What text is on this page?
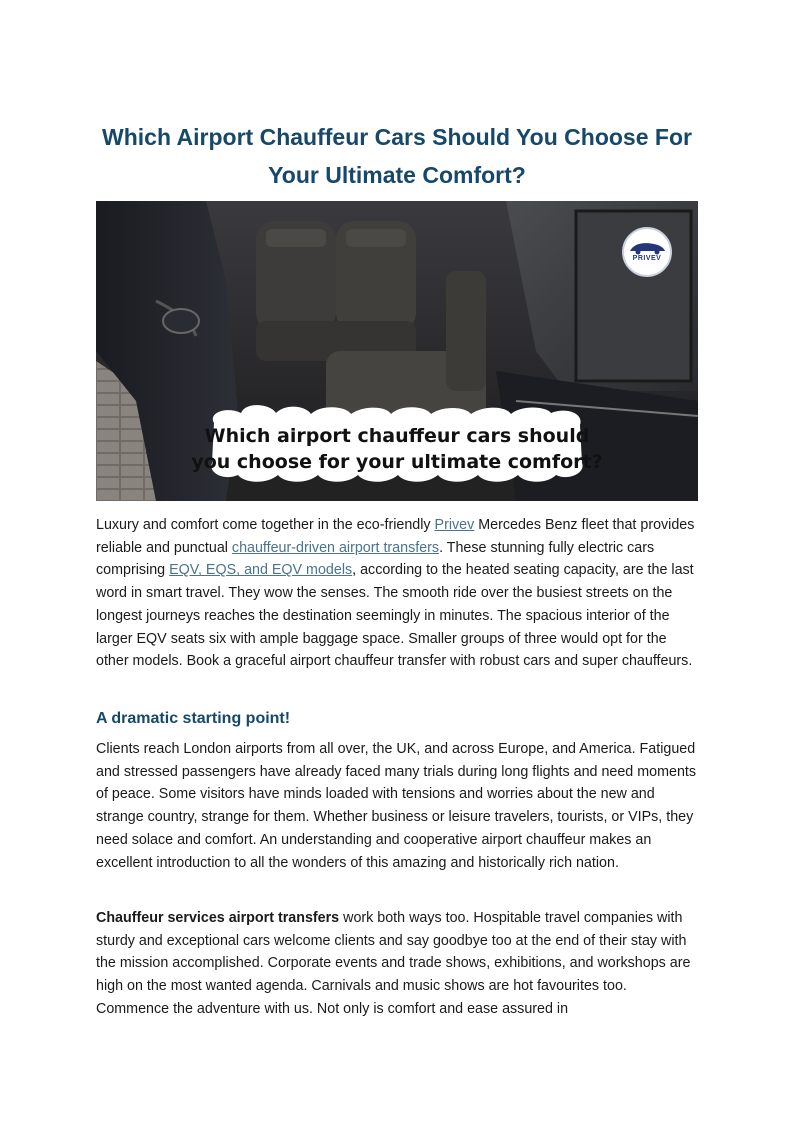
Which Airport Chauffeur Cars Should You Choose For Your Ultimate Comfort?
PRIVEV
Which airport chauffeur cars should
you choose for your ultimate comfort?

Luxury and comfort come together in the eco-friendly Privev Mercedes Benz fleet that provides reliable and punctual chauffeur-driven airport transfers. These stunning fully electric cars comprising EQV, EQS, and EQV models, according to the heated seating capacity, are the last word in smart travel. They wow the senses. The smooth ride over the busiest streets on the longest journeys reaches the destination seemingly in minutes. The spacious interior of the larger EQV seats six with ample baggage space. Smaller groups of three would opt for the other models. Book a graceful airport chauffeur transfer with robust cars and super chauffeurs.

A dramatic starting point!

Clients reach London airports from all over, the UK, and across Europe, and America. Fatigued and stressed passengers have already faced many trials during long flights and need moments of peace. Some visitors have minds loaded with tensions and worries about the new and strange country, strange for them. Whether business or leisure travelers, tourists, or VIPs, they need solace and comfort. An understanding and cooperative airport chauffeur makes an excellent introduction to all the wonders of this amazing and historically rich nation.

Chauffeur services airport transfers work both ways too. Hospitable travel companies with sturdy and exceptional cars welcome clients and say goodbye too at the end of their stay with the mission accomplished. Corporate events and trade shows, exhibitions, and workshops are high on the most wanted agenda. Carnivals and music shows are hot favourites too. Commence the adventure with us. Not only is comfort and ease assured in
